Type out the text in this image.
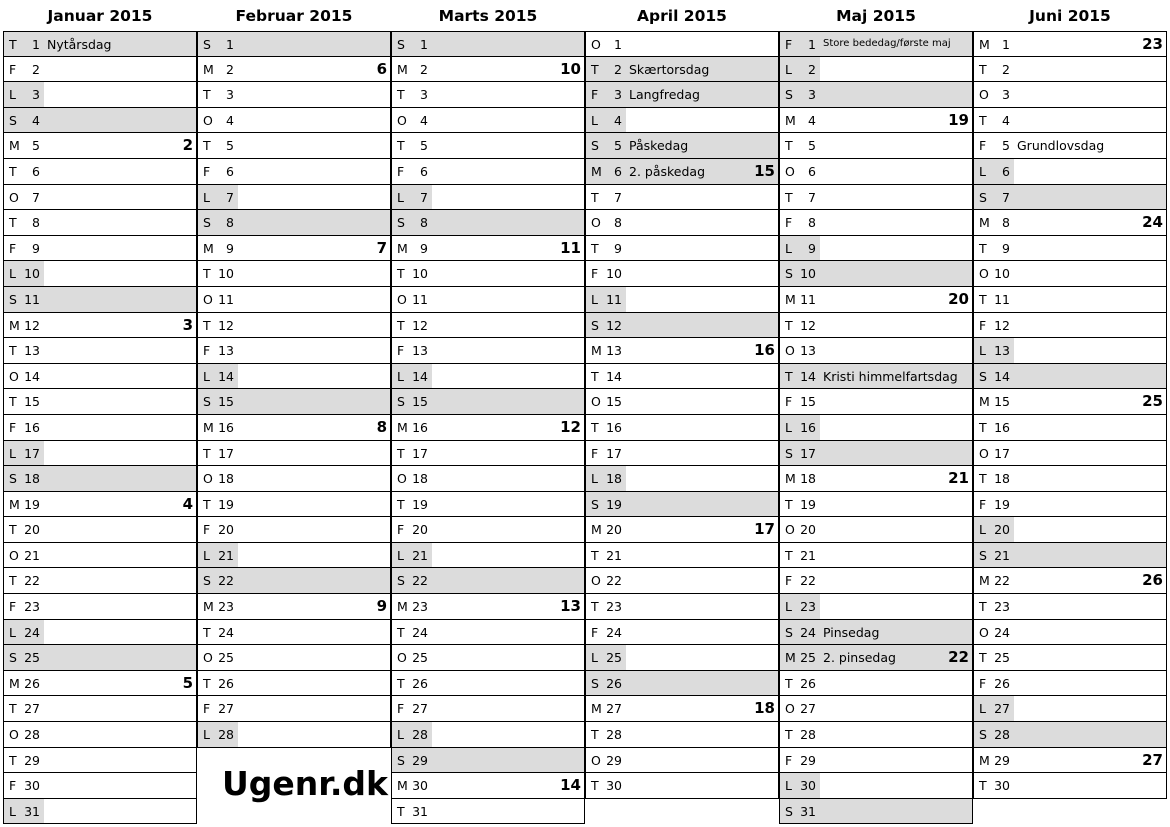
Januar 2015
T	1 Nytårsdag
F	2
L	3
S	4
M 5	2
T	6
O	7
T	8
F	9
L 10
S 11
M 12	3
T 13
O 14
T 15
F 16
L 17
S 18
M 19	4
T 20
O 21
T 22
F 23
L 24
S 25
M 26	5
T 27
O 28
T 29
F 30
L 31
Februar 2015
S	1
M 2	6
T	3
O	4
T	5
F	6
L	7
S	8
M 9	7
T 10
O 11
T 12
F 13
L 14
S 15
M 16	8
T 17
O 18
T 19
F 20
L 21
S 22
M 23	9
T 24
O 25
T 26
F 27
L 28
Marts 2015
S	1
M 2	10
T	3
O	4
T	5
F	6
L	7
S	8
M 9	11
T 10
O 11
T 12
F 13
L 14
S 15
M 16	12
T 17
O 18
T 19
F 20
L 21
S 22
M 23	13
T 24
O 25
T 26
F 27
L 28
S 29
M 30	14
T 31
April 2015
O	1
T	2 Skærtorsdag
F	3 Langfredag
L	4
S	5 Påskedag
M 6 2. påskedag	15
T	7
O	8
T	9
F 10
L 11
S 12
M 13	16
T 14
O 15
T 16
F 17
L 18
S 19
M 20	17
T 21
O 22
T 23
F 24
L 25
S 26
M 27	18
T 28
O 29
T 30
Maj 2015
F	1 Store bededag/første maj
L	2
S	3
M 4	19
T	5
O	6
T	7
F	8
L	9
S 10
M 11	20
T 12
O 13
T 14 Kristi himmelfartsdag
F 15
L 16
S 17
M 18	21
T 19
O 20
T 21
F 22
L 23
S 24 Pinsedag
M 25 2. pinsedag	22
T 26
O 27
T 28
F 29
L 30
S 31
Juni 2015
M 1	23
T	2
O	3
T	4
F	5 Grundlovsdag
L	6
S	7
M 8	24
T	9
O 10
T 11
F 12
L 13
S 14
M 15	25
T 16
O 17
T 18
F 19
L 20
S 21
M 22	26
T 23
O 24
T 25
F 26
L 27
S 28
M 29	27
T 30
Ugenr.dk
